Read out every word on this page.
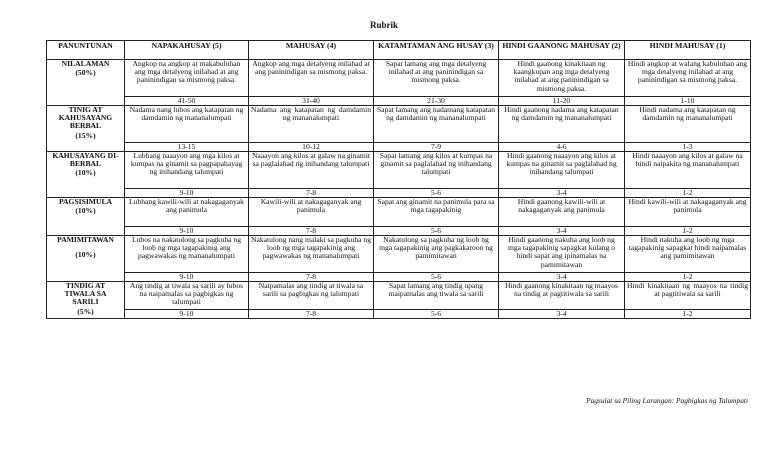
Rubrik
PANUNTUNAN	NAPAKAHUSAY (5)	MAHUSAY (4)	KATAMTAMAN ANG HUSAY (3)	HINDI GAANONG MAHUSAY (2)	HINDI MAHUSAY (1)

NILALAMAN
(50%)	Angkop na angkop at makabuluhan ang mga detalyeng inilahad at ang paninindigan sa mismong paksa.	Angkop ang mga detalyeng inilahad at ang paninindigan sa mismong paksa.	Sapat lamang ang mga detalyeng inilahad at ang paninindigan sa mismong paksa.	Hindi gaanong kinakitaan ng kaangkupan ang mga detalyeng inilahad at ang paninindigan sa mismong paksa.	Hindi angkop at walang kabuluhan ang mga detalyeng inilahad at ang paninindigan sa mismong paksa.
	41-50	31-40	21-30	11-20	1-10

TINIG AT
KAHUSAYANG
BERBAL
(15%)	Nadama nang lubos ang katapatan ng damdamin ng mananalumpati	Nadama ang katapatan ng damdamin ng mananalumpati	Sapat lamang ang nadamang katapatan ng damdamin ng mananalumpati	Hindi gaanong nadama ang katapatan ng damdamin ng mananalumpati	Hindi nadama ang katapatan ng damdamin ng mananalumpati
	13-15	10-12	7-9	4-6	1-3

KAHUSAYANG DI-
BERBAL
(10%)	Lubhang naaayon ang mga kilos at kumpas na ginamit sa pagpapahayag ng inihandang talumpati	Naaayon ang kilos at galaw na ginamit sa paglalahad ng inihandang talumpati	Sapat lamang ang kilos at kumpas na ginamit sa paglalahad ng inihandang talumpati	Hindi gaanong naaayon ang kilos at kumpas na ginamit sa paglalahad ng inihandang talumpati	Hindi naaayon ang kilos at galaw na hindi naipakita ng mananalumpati
	9-10	7-8	5-6	3-4	1-2

PAGSISIMULA
(10%)	Lubhang kawili-wili at nakagaganyak ang panimula	Kawili-wili at nakagaganyak ang panimula	Sapat ang ginamit na panimula para sa mga tagapakinig	Hindi gaanong kawili-wili at nakagaganyak ang panimula	Hindi kawili-wili at nakagaganyak ang panimula
	9-10	7-8	5-6	3-4	1-2

PAMIMITAWAN
(10%)	Lubos na nakatulong sa pagkuha ng loob ng mga tagapakinig ang pagwawakas ng mananalumpati	Nakatulong nang malaki sa pagkuha ng loob ng mga tagapakinig ang pagwawakas ng mananalumpati	Nakatulong sa pagkuha ng loob ng mga tagapakinig ang pagkakaroon ng pamimitawan	Hindi gaanong nakuha ang loob ng mga tagapakinig sapagkat kulang o hindi sapat ang ipinamalas na pamimitawan	Hindi nakuha ang loob ng mga tagapakinig sapagkat hindi naipamalas ang pamimitawan
	9-10	7-8	5-6	3-4	1-2

TINDIG AT
TIWALA SA
SARILI
(5%)	Ang tindig at tiwala sa sarili ay lubos na naipamalas sa pagbigkas ng talumpati	Naipamalas ang tindig at tiwala sa sarili sa pagbigkas ng talumpati	Sapat lamang ang tindig upang maipamalas ang tiwala sa sarili	Hindi gaanong kinakitaan ng maayos na tindig at pagtitiwala sa sarili	Hindi kinakitaan ng maayos na tindig at pagtitiwala sa sarili
	9-10	7-8	5-6	3-4	1-2
Pagsulat sa Piling Larangan: Pagbigkas ng Talumpati
